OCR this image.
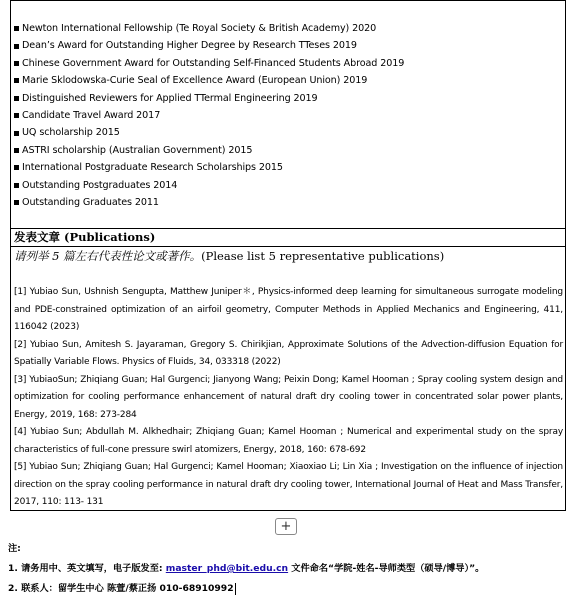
Newton International Fellowship (Te Royal Society & British Academy) 2020
Dean’s Award for Outstanding Higher Degree by Research TTeses 2019
Chinese Government Award for Outstanding Self-Financed Students Abroad 2019
Marie Sklodowska-Curie Seal of Excellence Award (European Union) 2019
Distinguished Reviewers for Applied TTermal Engineering 2019
Candidate Travel Award 2017
UQ scholarship 2015
ASTRI scholarship (Australian Government) 2015
International Postgraduate Research Scholarships 2015
Outstanding Postgraduates 2014
Outstanding Graduates 2011
发表文章 (Publications)
请列举 5 篇左右代表性论文或著作。(Please list 5 representative publications)

[1] Yubiao Sun, Ushnish Sengupta, Matthew Juniper＊, Physics-informed deep learning for simultaneous surrogate modeling and PDE-constrained optimization of an airfoil geometry, Computer Methods in Applied Mechanics and Engineering, 411, 116042 (2023)

[2] Yubiao Sun, Amitesh S. Jayaraman, Gregory S. Chirikjian, Approximate Solutions of the Advection-diffusion Equation for Spatially Variable Flows. Physics of Fluids, 34, 033318 (2022)

[3] YubiaoSun; Zhiqiang Guan; Hal Gurgenci; Jianyong Wang; Peixin Dong; Kamel Hooman ; Spray cooling system design and optimization for cooling performance enhancement of natural draft dry cooling tower in concentrated solar power plants, Energy, 2019, 168: 273-284

[4] Yubiao Sun; Abdullah M. Alkhedhair; Zhiqiang Guan; Kamel Hooman ; Numerical and experimental study on the spray characteristics of full-cone pressure swirl atomizers, Energy, 2018, 160: 678-692

[5] Yubiao Sun; Zhiqiang Guan; Hal Gurgenci; Kamel Hooman; Xiaoxiao Li; Lin Xia ; Investigation on the influence of injection direction on the spray cooling performance in natural draft dry cooling tower, International Journal of Heat and Mass Transfer, 2017, 110: 113- 131

+
注:
1. 请务用中、英文填写，电子版发至: master_phd@bit.edu.cn 文件命名“学院-姓名-导师类型（硕导/博导）”。
2. 联系人：留学生中心 陈萱/蔡正扬 010-68910992
